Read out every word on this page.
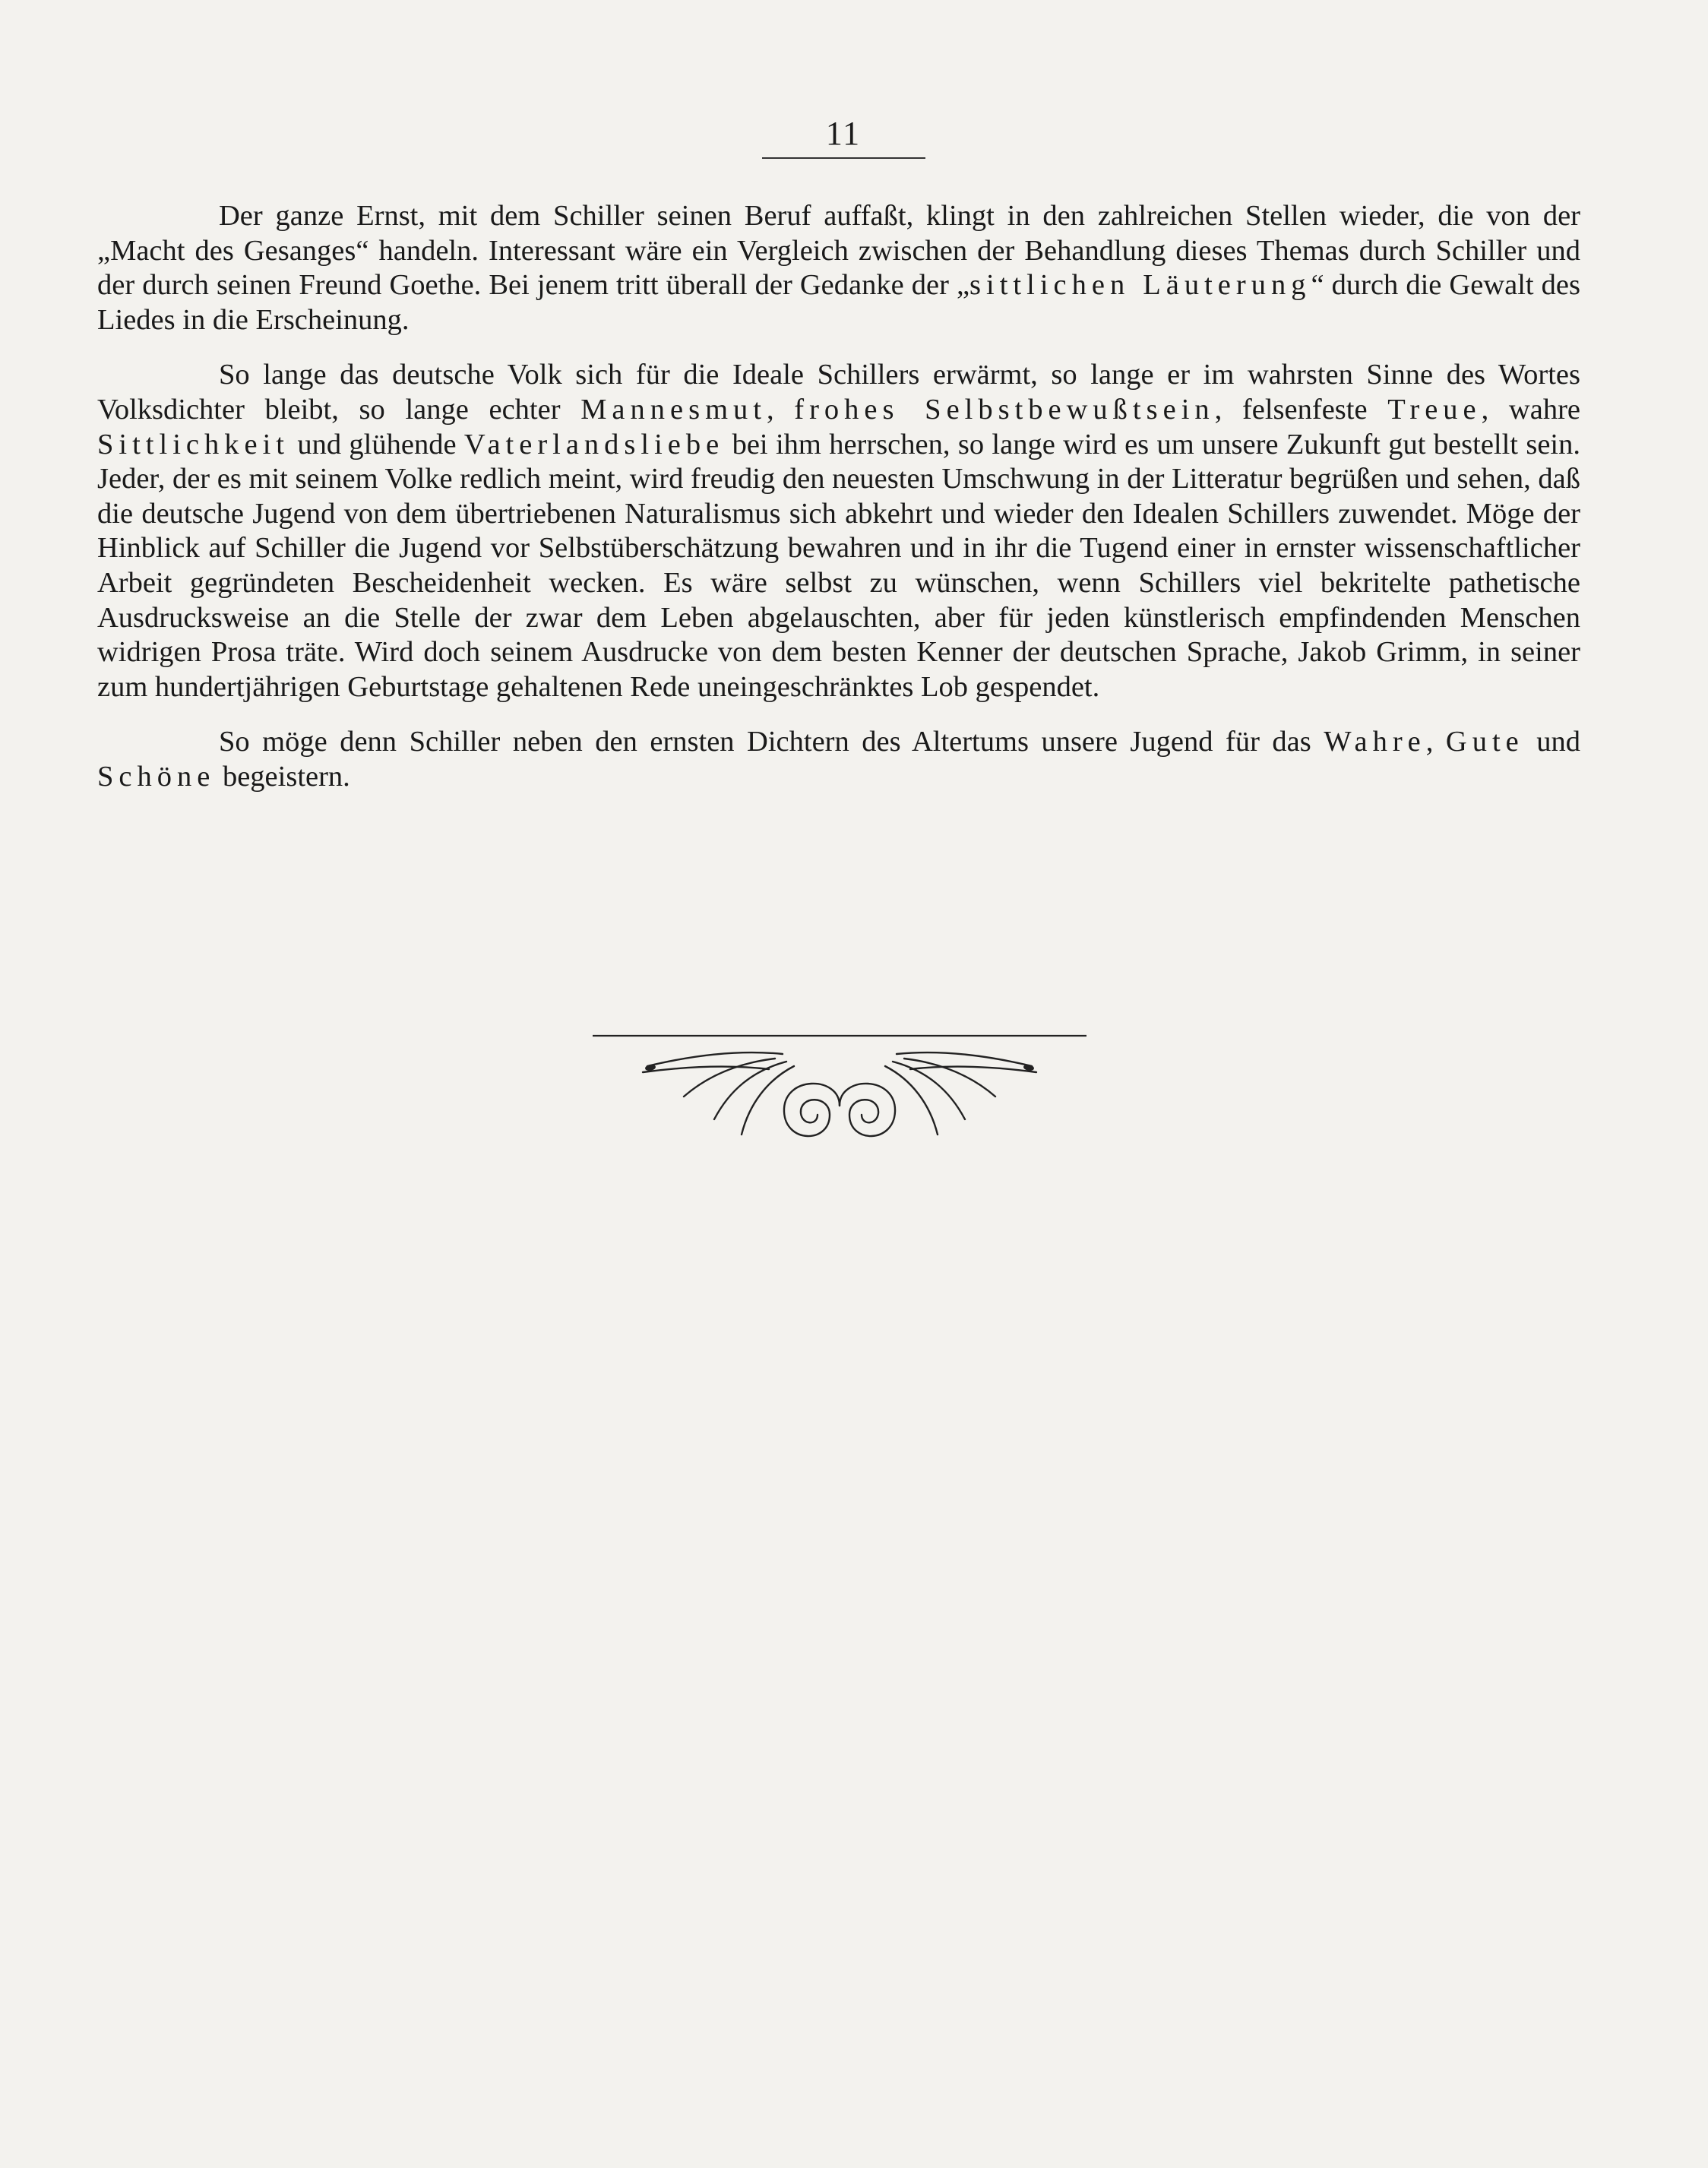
11

Der ganze Ernst, mit dem Schiller seinen Beruf auffaßt, klingt in den zahlreichen Stellen wieder, die von der „Macht des Gesanges“ handeln. Interessant wäre ein Vergleich zwischen der Behandlung dieses Themas durch Schiller und der durch seinen Freund Goethe. Bei jenem tritt überall der Gedanke der „sittlichen Läuterung“ durch die Gewalt des Liedes in die Erscheinung.

So lange das deutsche Volk sich für die Ideale Schillers erwärmt, so lange er im wahrsten Sinne des Wortes Volksdichter bleibt, so lange echter Mannesmut, frohes Selbstbewußtsein, felsenfeste Treue, wahre Sittlichkeit und glühende Vaterlandsliebe bei ihm herrschen, so lange wird es um unsere Zukunft gut bestellt sein. Jeder, der es mit seinem Volke redlich meint, wird freudig den neuesten Umschwung in der Litteratur begrüßen und sehen, daß die deutsche Jugend von dem übertriebenen Naturalismus sich abkehrt und wieder den Idealen Schillers zuwendet. Möge der Hinblick auf Schiller die Jugend vor Selbstüberschätzung bewahren und in ihr die Tugend einer in ernster wissenschaftlicher Arbeit gegründeten Bescheidenheit wecken. Es wäre selbst zu wünschen, wenn Schillers viel bekritelte pathetische Ausdrucksweise an die Stelle der zwar dem Leben abgelauschten, aber für jeden künstlerisch empfindenden Menschen widrigen Prosa träte. Wird doch seinem Ausdrucke von dem besten Kenner der deutschen Sprache, Jakob Grimm, in seiner zum hundertjährigen Geburtstage gehaltenen Rede uneingeschränktes Lob gespendet.

So möge denn Schiller neben den ernsten Dichtern des Altertums unsere Jugend für das Wahre, Gute und Schöne begeistern.
